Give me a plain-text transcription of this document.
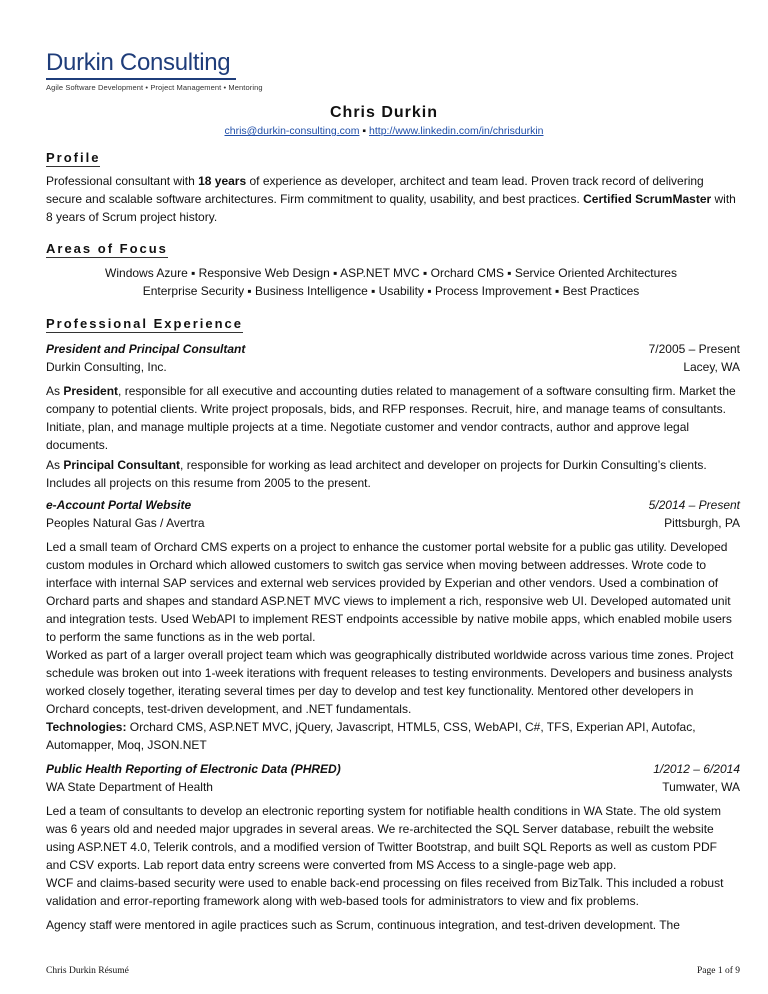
Durkin Consulting
Agile Software Development • Project Management • Mentoring
Chris Durkin
chris@durkin-consulting.com ▪ http://www.linkedin.com/in/chrisdurkin
Profile
Professional consultant with 18 years of experience as developer, architect and team lead. Proven track record of delivering secure and scalable software architectures. Firm commitment to quality, usability, and best practices. Certified ScrumMaster with 8 years of Scrum project history.
Areas of Focus
Windows Azure ▪ Responsive Web Design ▪ ASP.NET MVC ▪ Orchard CMS ▪ Service Oriented Architectures
Enterprise Security ▪ Business Intelligence ▪ Usability ▪ Process Improvement ▪ Best Practices
Professional Experience
President and Principal Consultant	7/2005 – Present
Durkin Consulting, Inc.	Lacey, WA
As President, responsible for all executive and accounting duties related to management of a software consulting firm. Market the company to potential clients. Write project proposals, bids, and RFP responses. Recruit, hire, and manage teams of consultants. Initiate, plan, and manage multiple projects at a time. Negotiate customer and vendor contracts, author and approve legal documents.
As Principal Consultant, responsible for working as lead architect and developer on projects for Durkin Consulting’s clients. Includes all projects on this resume from 2005 to the present.
e-Account Portal Website	5/2014 – Present
Peoples Natural Gas / Avertra	Pittsburgh, PA
Led a small team of Orchard CMS experts on a project to enhance the customer portal website for a public gas utility. Developed custom modules in Orchard which allowed customers to switch gas service when moving between addresses. Wrote code to interface with internal SAP services and external web services provided by Experian and other vendors. Used a combination of Orchard parts and shapes and standard ASP.NET MVC views to implement a rich, responsive web UI. Developed automated unit and integration tests. Used WebAPI to implement REST endpoints accessible by native mobile apps, which enabled mobile users to perform the same functions as in the web portal.
Worked as part of a larger overall project team which was geographically distributed worldwide across various time zones. Project schedule was broken out into 1-week iterations with frequent releases to testing environments. Developers and business analysts worked closely together, iterating several times per day to develop and test key functionality. Mentored other developers in Orchard concepts, test-driven development, and .NET fundamentals.
Technologies: Orchard CMS, ASP.NET MVC, jQuery, Javascript, HTML5, CSS, WebAPI, C#, TFS, Experian API, Autofac, Automapper, Moq, JSON.NET
Public Health Reporting of Electronic Data (PHRED)	1/2012 – 6/2014
WA State Department of Health	Tumwater, WA
Led a team of consultants to develop an electronic reporting system for notifiable health conditions in WA State. The old system was 6 years old and needed major upgrades in several areas. We re-architected the SQL Server database, rebuilt the website using ASP.NET 4.0, Telerik controls, and a modified version of Twitter Bootstrap, and built SQL Reports as well as custom PDF and CSV exports. Lab report data entry screens were converted from MS Access to a single-page web app.
WCF and claims-based security were used to enable back-end processing on files received from BizTalk. This included a robust validation and error-reporting framework along with web-based tools for administrators to view and fix problems.
Agency staff were mentored in agile practices such as Scrum, continuous integration, and test-driven development. The
Chris Durkin Résumé	Page 1 of 9
